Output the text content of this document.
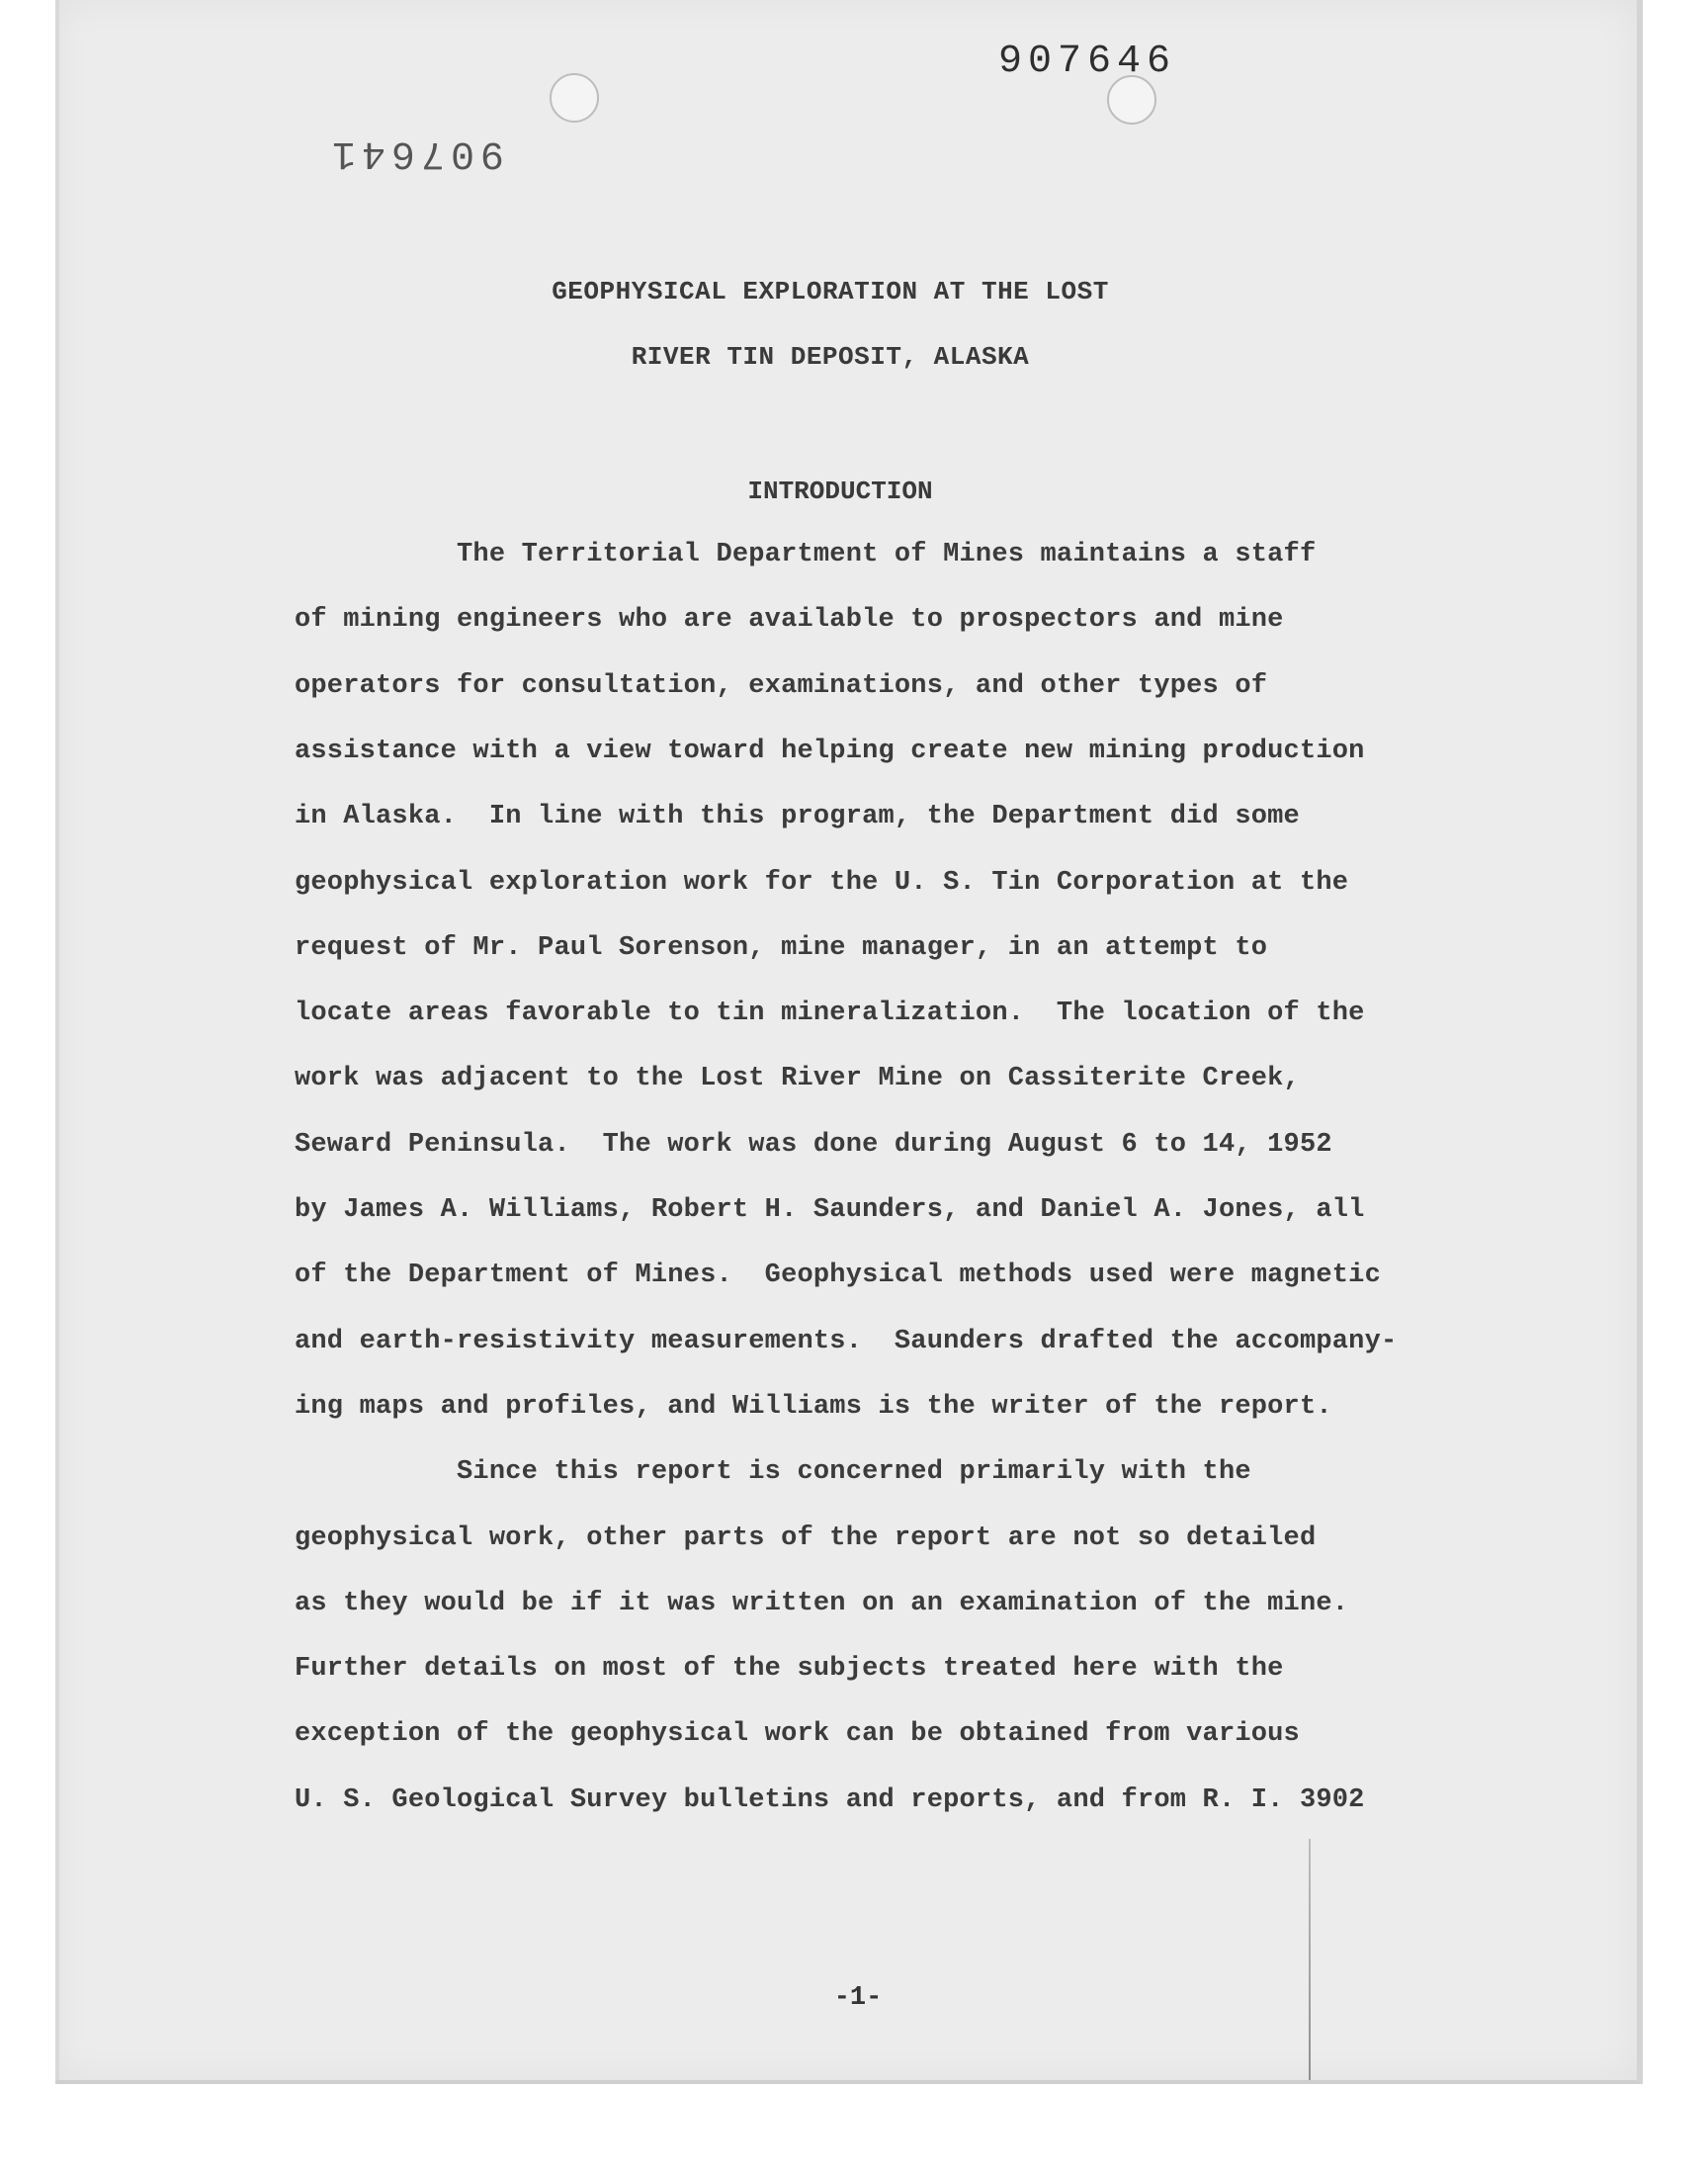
907646
907641
GEOPHYSICAL EXPLORATION AT THE LOST
RIVER TIN DEPOSIT, ALASKA
INTRODUCTION
The Territorial Department of Mines maintains a staff
of mining engineers who are available to prospectors and mine
operators for consultation, examinations, and other types of
assistance with a view toward helping create new mining production
in Alaska.  In line with this program, the Department did some
geophysical exploration work for the U. S. Tin Corporation at the
request of Mr. Paul Sorenson, mine manager, in an attempt to
locate areas favorable to tin mineralization.  The location of the
work was adjacent to the Lost River Mine on Cassiterite Creek,
Seward Peninsula.  The work was done during August 6 to 14, 1952
by James A. Williams, Robert H. Saunders, and Daniel A. Jones, all
of the Department of Mines.  Geophysical methods used were magnetic
and earth-resistivity measurements.  Saunders drafted the accompany-
ing maps and profiles, and Williams is the writer of the report.
Since this report is concerned primarily with the
geophysical work, other parts of the report are not so detailed
as they would be if it was written on an examination of the mine.
Further details on most of the subjects treated here with the
exception of the geophysical work can be obtained from various
U. S. Geological Survey bulletins and reports, and from R. I. 3902
-1-
